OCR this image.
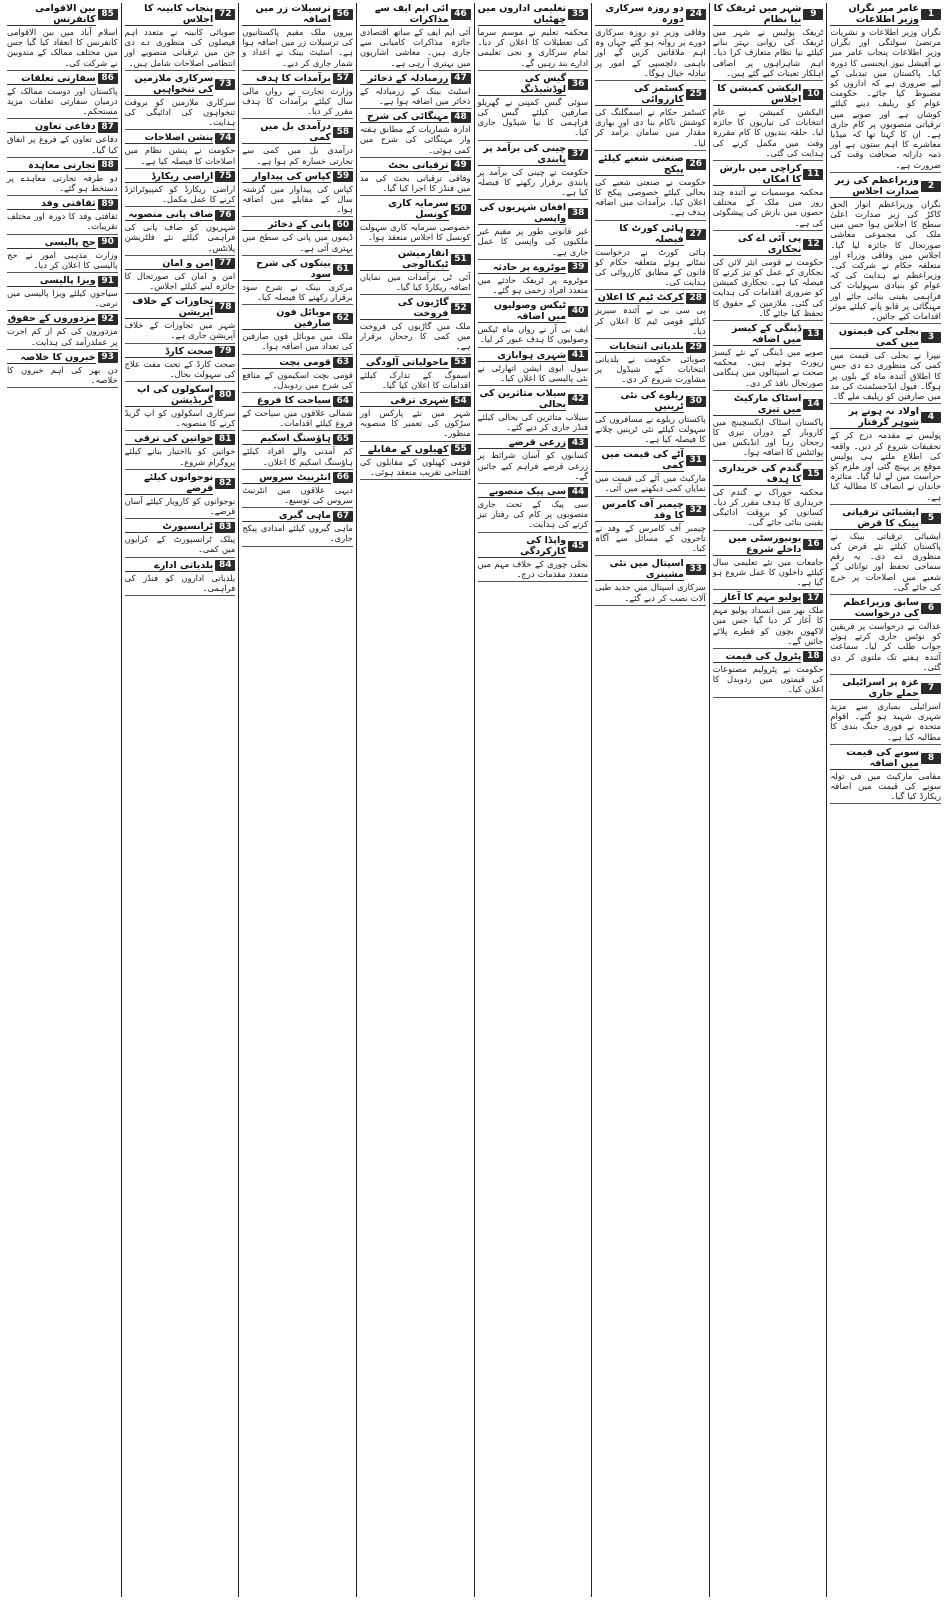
1
عامر میر نگران وزیر اطلاعات
نگران وزیر اطلاعات و نشریات مرتضیٰ سولنگی اور نگران وزیر اطلاعات پنجاب عامر میر نے آفیشل نیوز ایجنسی کا دورہ کیا۔ پاکستان میں تبدیلی کے لیے ضروری ہے کہ اداروں کو مضبوط کیا جائے۔ حکومت عوام کو ریلیف دینے کیلئے کوشاں ہے اور صوبے میں ترقیاتی منصوبوں پر کام جاری ہے۔ ان کا کہنا تھا کہ میڈیا معاشرے کا اہم ستون ہے اور ذمہ دارانہ صحافت وقت کی ضرورت ہے۔
2
وزیراعظم کی زیر صدارت اجلاس
نگران وزیراعظم انوار الحق کاکڑ کی زیر صدارت اعلیٰ سطح کا اجلاس ہوا جس میں ملک کی مجموعی معاشی صورتحال کا جائزہ لیا گیا۔ اجلاس میں وفاقی وزراء اور متعلقہ حکام نے شرکت کی۔ وزیراعظم نے ہدایت کی کہ عوام کو بنیادی سہولیات کی فراہمی یقینی بنائی جائے اور مہنگائی پر قابو پانے کیلئے موثر اقدامات کیے جائیں۔
3
بجلی کی قیمتوں میں کمی
نیپرا نے بجلی کی قیمت میں کمی کی منظوری دے دی جس کا اطلاق آئندہ ماہ کے بلوں پر ہوگا۔ فیول ایڈجسٹمنٹ کی مد میں صارفین کو ریلیف ملے گا۔
4
اولاد نہ ہونے پر شوہر گرفتار
پولیس نے مقدمہ درج کر کے تحقیقات شروع کر دیں۔ واقعہ کی اطلاع ملتے ہی پولیس موقع پر پہنچ گئی اور ملزم کو حراست میں لے لیا گیا۔ متاثرہ خاندان نے انصاف کا مطالبہ کیا ہے۔
5
ایشیائی ترقیاتی بینک کا قرض
ایشیائی ترقیاتی بینک نے پاکستان کیلئے نئے قرض کی منظوری دے دی۔ یہ رقم سماجی تحفظ اور توانائی کے شعبے میں اصلاحات پر خرچ کی جائے گی۔
6
سابق وزیراعظم کی درخواست
عدالت نے درخواست پر فریقین کو نوٹس جاری کرتے ہوئے جواب طلب کر لیا۔ سماعت آئندہ ہفتے تک ملتوی کر دی گئی۔
7
غزہ پر اسرائیلی حملے جاری
اسرائیلی بمباری سے مزید شہری شہید ہو گئے۔ اقوام متحدہ نے فوری جنگ بندی کا مطالبہ کیا ہے۔
8
سونے کی قیمت میں اضافہ
مقامی مارکیٹ میں فی تولہ سونے کی قیمت میں اضافہ ریکارڈ کیا گیا۔
9
شہر میں ٹریفک کا نیا نظام
ٹریفک پولیس نے شہر میں ٹریفک کی روانی بہتر بنانے کیلئے نیا نظام متعارف کرا دیا۔ اہم شاہراہوں پر اضافی اہلکار تعینات کیے گئے ہیں۔
10
الیکشن کمیشن کا اجلاس
الیکشن کمیشن نے عام انتخابات کی تیاریوں کا جائزہ لیا۔ حلقہ بندیوں کا کام مقررہ وقت میں مکمل کرنے کی ہدایت کی گئی۔
11
کراچی میں بارش کا امکان
محکمہ موسمیات نے آئندہ چند روز میں ملک کے مختلف حصوں میں بارش کی پیشگوئی کی ہے۔
12
پی آئی اے کی نجکاری
حکومت نے قومی ایئر لائن کی نجکاری کے عمل کو تیز کرنے کا فیصلہ کیا ہے۔ نجکاری کمیشن کو ضروری اقدامات کی ہدایت کی گئی۔ ملازمین کے حقوق کا تحفظ کیا جائے گا۔
13
ڈینگی کے کیسز میں اضافہ
صوبے میں ڈینگی کے نئے کیسز رپورٹ ہوئے ہیں۔ محکمہ صحت نے اسپتالوں میں ہنگامی صورتحال نافذ کر دی۔
14
اسٹاک مارکیٹ میں تیزی
پاکستان اسٹاک ایکسچینج میں کاروبار کے دوران تیزی کا رجحان رہا اور انڈیکس میں پوائنٹس کا اضافہ ہوا۔
15
گندم کی خریداری کا ہدف
محکمہ خوراک نے گندم کی خریداری کا ہدف مقرر کر دیا۔ کسانوں کو بروقت ادائیگی یقینی بنائی جائے گی۔
16
یونیورسٹی میں داخلے شروع
جامعات میں نئے تعلیمی سال کیلئے داخلوں کا عمل شروع ہو گیا ہے۔
17
پولیو مہم کا آغاز
ملک بھر میں انسداد پولیو مہم کا آغاز کر دیا گیا جس میں لاکھوں بچوں کو قطرے پلائے جائیں گے۔
18
پٹرول کی قیمت
حکومت نے پٹرولیم مصنوعات کی قیمتوں میں ردوبدل کا اعلان کیا۔
24
دو روزہ سرکاری دورہ
وفاقی وزیر دو روزہ سرکاری دورے پر روانہ ہو گئے جہاں وہ اہم ملاقاتیں کریں گے اور باہمی دلچسپی کے امور پر تبادلہ خیال ہوگا۔
25
کسٹمز کی کارروائی
کسٹمز حکام نے اسمگلنگ کی کوشش ناکام بنا دی اور بھاری مقدار میں سامان برآمد کر لیا۔
26
صنعتی شعبے کیلئے پیکج
حکومت نے صنعتی شعبے کی بحالی کیلئے خصوصی پیکج کا اعلان کیا۔ برآمدات میں اضافہ ہدف ہے۔
27
ہائی کورٹ کا فیصلہ
ہائی کورٹ نے درخواست نمٹاتے ہوئے متعلقہ حکام کو قانون کے مطابق کارروائی کی ہدایت کی۔
28
کرکٹ ٹیم کا اعلان
پی سی بی نے آئندہ سیریز کیلئے قومی ٹیم کا اعلان کر دیا۔
29
بلدیاتی انتخابات
صوبائی حکومت نے بلدیاتی انتخابات کے شیڈول پر مشاورت شروع کر دی۔
30
ریلوے کی نئی ٹرینیں
پاکستان ریلوے نے مسافروں کی سہولت کیلئے نئی ٹرینیں چلانے کا فیصلہ کیا ہے۔
31
آٹے کی قیمت میں کمی
مارکیٹ میں آٹے کی قیمت میں نمایاں کمی دیکھنے میں آئی۔
32
چیمبر آف کامرس کا وفد
چیمبر آف کامرس کے وفد نے تاجروں کے مسائل سے آگاہ کیا۔
33
اسپتال میں نئی مشینری
سرکاری اسپتال میں جدید طبی آلات نصب کر دیے گئے۔
35
تعلیمی اداروں میں چھٹیاں
محکمہ تعلیم نے موسم سرما کی تعطیلات کا اعلان کر دیا۔ تمام سرکاری و نجی تعلیمی ادارے بند رہیں گے۔
36
گیس کی لوڈشیڈنگ
سوئی گیس کمپنی نے گھریلو صارفین کیلئے گیس کی فراہمی کا نیا شیڈول جاری کیا۔
37
چینی کی برآمد پر پابندی
حکومت نے چینی کی برآمد پر پابندی برقرار رکھنے کا فیصلہ کیا ہے۔
38
افغان شہریوں کی واپسی
غیر قانونی طور پر مقیم غیر ملکیوں کی واپسی کا عمل جاری ہے۔
39
موٹروے پر حادثہ
موٹروے پر ٹریفک حادثے میں متعدد افراد زخمی ہو گئے۔
40
ٹیکس وصولیوں میں اضافہ
ایف بی آر نے رواں ماہ ٹیکس وصولیوں کا ہدف عبور کر لیا۔
41
شہری ہوابازی
سول ایوی ایشن اتھارٹی نے نئی پالیسی کا اعلان کیا۔
42
سیلاب متاثرین کی بحالی
سیلاب متاثرین کی بحالی کیلئے فنڈز جاری کر دیے گئے۔
43
زرعی قرضے
کسانوں کو آسان شرائط پر زرعی قرضے فراہم کیے جائیں گے۔
44
سی پیک منصوبے
سی پیک کے تحت جاری منصوبوں پر کام کی رفتار تیز کرنے کی ہدایت۔
45
واپڈا کی کارکردگی
بجلی چوری کے خلاف مہم میں متعدد مقدمات درج۔
46
آئی ایم ایف سے مذاکرات
آئی ایم ایف کے ساتھ اقتصادی جائزہ مذاکرات کامیابی سے جاری ہیں۔ معاشی اشاریوں میں بہتری آ رہی ہے۔
47
زرمبادلہ کے ذخائر
اسٹیٹ بینک کے زرمبادلہ کے ذخائر میں اضافہ ہوا ہے۔
48
مہنگائی کی شرح
ادارہ شماریات کے مطابق ہفتہ وار مہنگائی کی شرح میں کمی ہوئی۔
49
ترقیاتی بجٹ
وفاقی ترقیاتی بجٹ کی مد میں فنڈز کا اجرا کیا گیا۔
50
سرمایہ کاری کونسل
خصوصی سرمایہ کاری سہولت کونسل کا اجلاس منعقد ہوا۔
51
انفارمیشن ٹیکنالوجی
آئی ٹی برآمدات میں نمایاں اضافہ ریکارڈ کیا گیا۔
52
گاڑیوں کی فروخت
ملک میں گاڑیوں کی فروخت میں کمی کا رجحان برقرار ہے۔
53
ماحولیاتی آلودگی
اسموگ کے تدارک کیلئے اقدامات کا اعلان کیا گیا۔
54
شہری ترقی
شہر میں نئے پارکس اور سڑکوں کی تعمیر کا منصوبہ منظور۔
55
کھیلوں کے مقابلے
قومی کھیلوں کے مقابلوں کی افتتاحی تقریب منعقد ہوئی۔
56
ترسیلات زر میں اضافہ
بیرون ملک مقیم پاکستانیوں کی ترسیلات زر میں اضافہ ہوا ہے۔ اسٹیٹ بینک نے اعداد و شمار جاری کر دیے۔
57
برآمدات کا ہدف
وزارت تجارت نے رواں مالی سال کیلئے برآمدات کا ہدف مقرر کر دیا۔
58
درآمدی بل میں کمی
درآمدی بل میں کمی سے تجارتی خسارہ کم ہوا ہے۔
59
کپاس کی پیداوار
کپاس کی پیداوار میں گزشتہ سال کے مقابلے میں اضافہ ہوا۔
60
پانی کے ذخائر
ڈیموں میں پانی کی سطح میں بہتری آئی ہے۔
61
بینکوں کی شرح سود
مرکزی بینک نے شرح سود برقرار رکھنے کا فیصلہ کیا۔
62
موبائل فون صارفین
ملک میں موبائل فون صارفین کی تعداد میں اضافہ ہوا۔
63
قومی بچت
قومی بچت اسکیموں کے منافع کی شرح میں ردوبدل۔
64
سیاحت کا فروغ
شمالی علاقوں میں سیاحت کے فروغ کیلئے اقدامات۔
65
ہاؤسنگ اسکیم
کم آمدنی والے افراد کیلئے ہاؤسنگ اسکیم کا اعلان۔
66
انٹرنیٹ سروس
دیہی علاقوں میں انٹرنیٹ سروس کی توسیع۔
67
ماہی گیری
ماہی گیروں کیلئے امدادی پیکج جاری۔
72
پنجاب کابینہ کا اجلاس
صوبائی کابینہ نے متعدد اہم فیصلوں کی منظوری دے دی جن میں ترقیاتی منصوبے اور انتظامی اصلاحات شامل ہیں۔
73
سرکاری ملازمین کی تنخواہیں
سرکاری ملازمین کو بروقت تنخواہوں کی ادائیگی کی ہدایت۔
74
پنشن اصلاحات
حکومت نے پنشن نظام میں اصلاحات کا فیصلہ کیا ہے۔
75
اراضی ریکارڈ
اراضی ریکارڈ کو کمپیوٹرائزڈ کرنے کا عمل مکمل۔
76
صاف پانی منصوبہ
شہریوں کو صاف پانی کی فراہمی کیلئے نئے فلٹریشن پلانٹس۔
77
امن و امان
امن و امان کی صورتحال کا جائزہ لینے کیلئے اجلاس۔
78
تجاوزات کے خلاف آپریشن
شہر میں تجاوزات کے خلاف آپریشن جاری ہے۔
79
صحت کارڈ
صحت کارڈ کے تحت مفت علاج کی سہولت بحال۔
80
اسکولوں کی اپ گریڈیشن
سرکاری اسکولوں کو اپ گریڈ کرنے کا منصوبہ۔
81
خواتین کی ترقی
خواتین کو بااختیار بنانے کیلئے پروگرام شروع۔
82
نوجوانوں کیلئے قرضے
نوجوانوں کو کاروبار کیلئے آسان قرضے۔
83
ٹرانسپورٹ
پبلک ٹرانسپورٹ کے کرایوں میں کمی۔
84
بلدیاتی ادارے
بلدیاتی اداروں کو فنڈز کی فراہمی۔
85
بین الاقوامی کانفرنس
اسلام آباد میں بین الاقوامی کانفرنس کا انعقاد کیا گیا جس میں مختلف ممالک کے مندوبین نے شرکت کی۔
86
سفارتی تعلقات
پاکستان اور دوست ممالک کے درمیان سفارتی تعلقات مزید مستحکم۔
87
دفاعی تعاون
دفاعی تعاون کے فروغ پر اتفاق کیا گیا۔
88
تجارتی معاہدہ
دو طرفہ تجارتی معاہدے پر دستخط ہو گئے۔
89
ثقافتی وفد
ثقافتی وفد کا دورہ اور مختلف تقریبات۔
90
حج پالیسی
وزارت مذہبی امور نے حج پالیسی کا اعلان کر دیا۔
91
ویزا پالیسی
سیاحوں کیلئے ویزا پالیسی میں نرمی۔
92
مزدوروں کے حقوق
مزدوروں کی کم از کم اجرت پر عملدرآمد کی ہدایت۔
93
خبروں کا خلاصہ
دن بھر کی اہم خبروں کا خلاصہ۔
